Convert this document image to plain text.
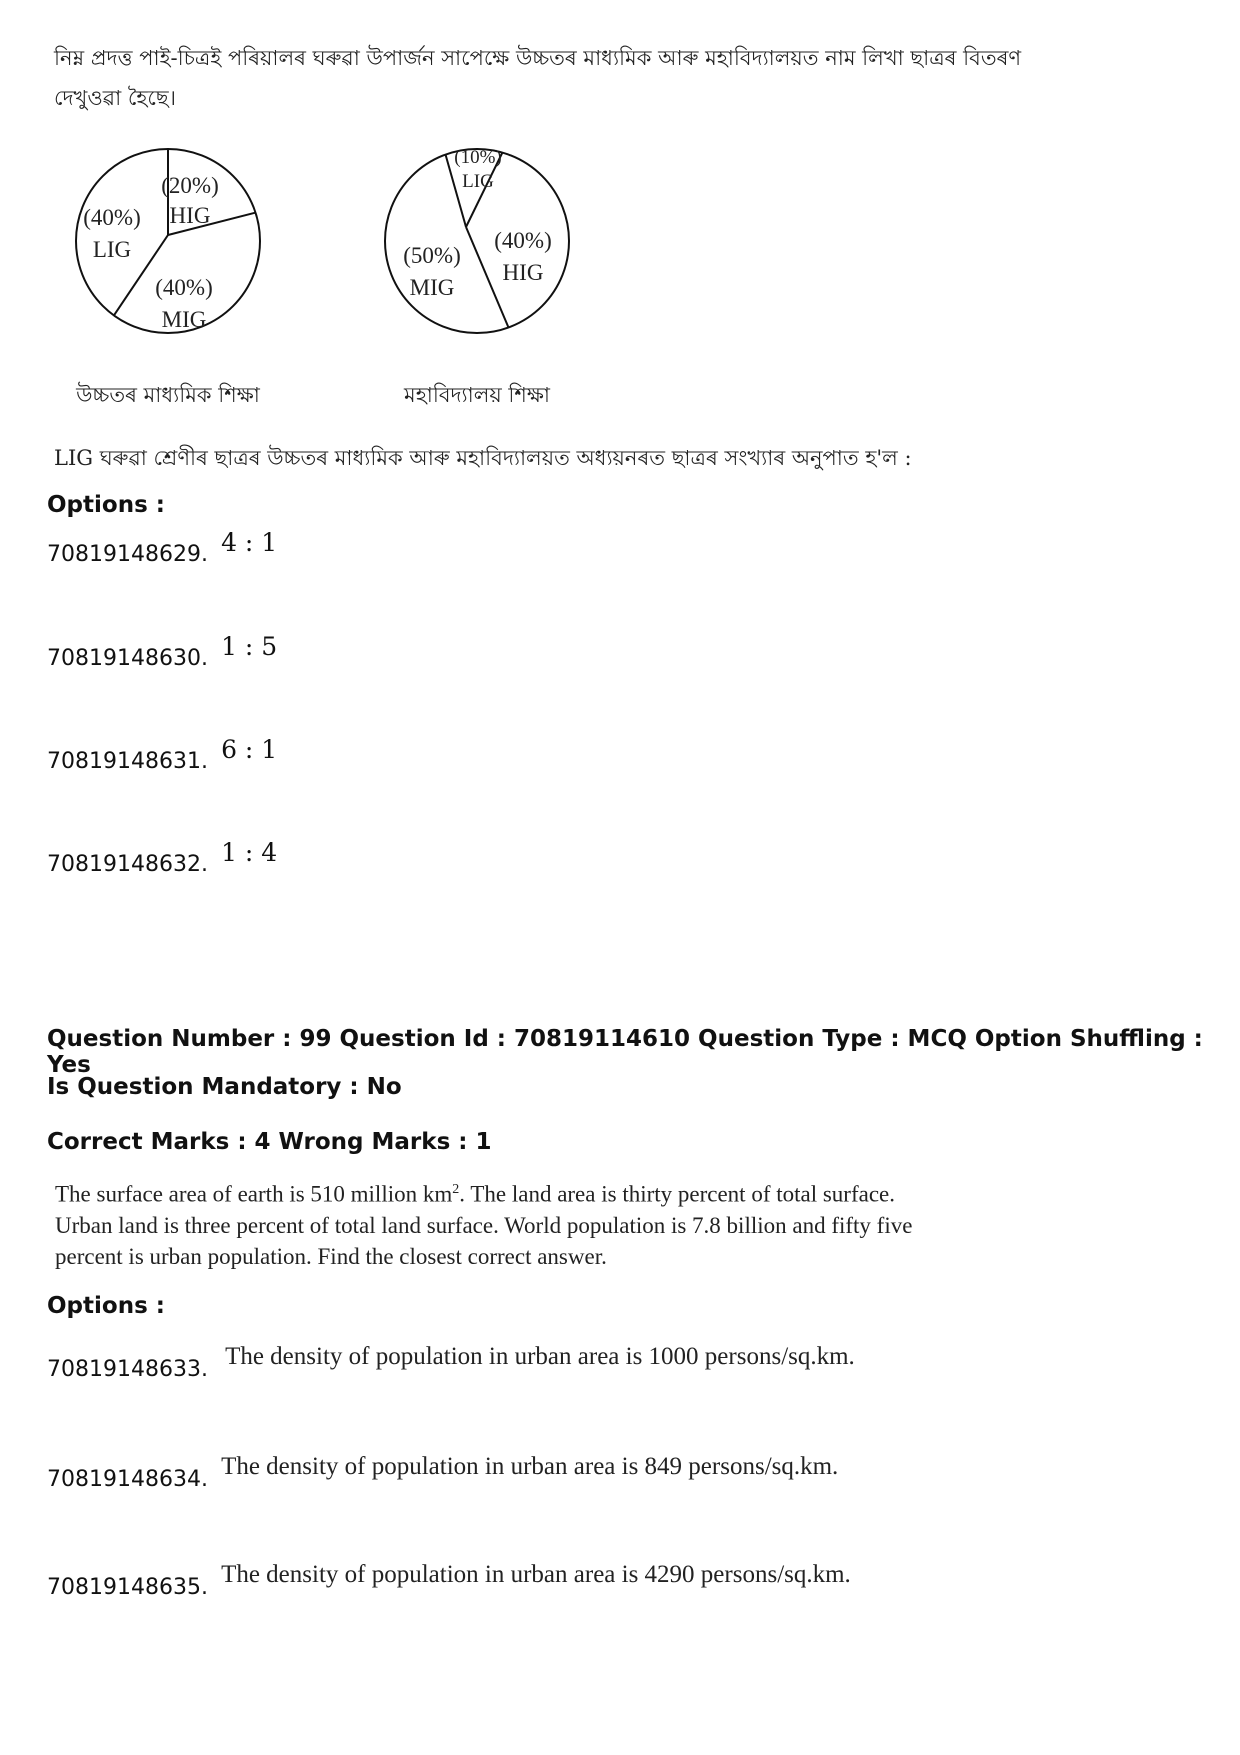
নিম্ন প্ৰদত্ত পাই-চিত্ৰই পৰিয়ালৰ ঘৰুৱা উপাৰ্জন সাপেক্ষে উচ্চতৰ মাধ্যমিক আৰু মহাবিদ্যালয়ত নাম লিখা ছাত্ৰৰ বিতৰণ
দেখুওৱা হৈছে।
(20%)
HIG
(40%)
LIG
(40%)
MIG
উচ্চতৰ মাধ্যমিক শিক্ষা
(10%)
LIG
(40%)
HIG
(50%)
MIG
মহাবিদ্যালয় শিক্ষা
LIG ঘৰুৱা শ্ৰেণীৰ ছাত্ৰৰ উচ্চতৰ মাধ্যমিক আৰু মহাবিদ্যালয়ত অধ্যয়নৰত ছাত্ৰৰ সংখ্যাৰ অনুপাত হ'ল :
Options :
70819148629. 4 : 1
70819148630. 1 : 5
70819148631. 6 : 1
70819148632. 1 : 4
Question Number : 99 Question Id : 70819114610 Question Type : MCQ Option Shuffling : Yes
Is Question Mandatory : No
Correct Marks : 4 Wrong Marks : 1
The surface area of earth is 510 million $km^2$. The land area is thirty percent of total surface.
Urban land is three percent of total land surface. World population is 7.8 billion and fifty five
percent is urban population. Find the closest correct answer.
Options :
70819148633. The density of population in urban area is 1000 persons/sq.km.
70819148634. The density of population in urban area is 849 persons/sq.km.
70819148635. The density of population in urban area is 4290 persons/sq.km.
